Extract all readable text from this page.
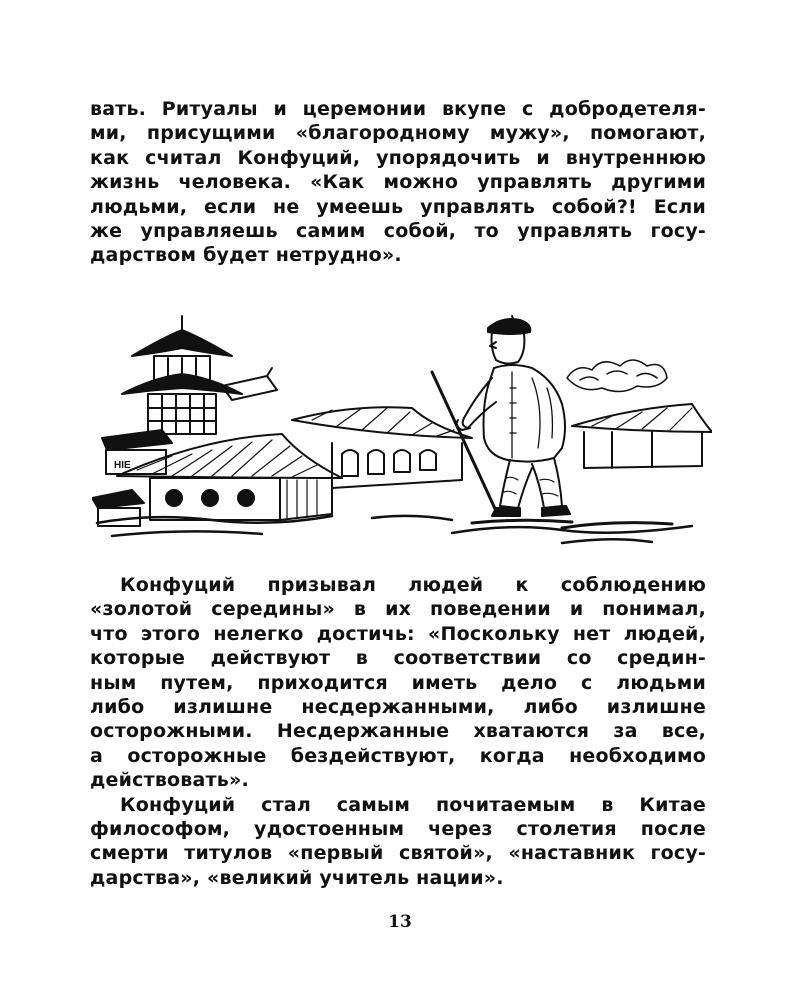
вать. Ритуалы и церемонии вкупе с добродетеля-
ми, присущими «благородному мужу», помогают,
как считал Конфуций, упорядочить и внутреннюю
жизнь человека. «Как можно управлять другими
людьми, если не умеешь управлять собой?! Если
же управляешь самим собой, то управлять госу-
дарством будет нетрудно».
НІЕ
Конфуций призывал людей к соблюдению
«золотой середины» в их поведении и понимал,
что этого нелегко достичь: «Поскольку нет людей,
которые действуют в соответствии со средин-
ным путем, приходится иметь дело с людьми
либо излишне несдержанными, либо излишне
осторожными. Несдержанные хватаются за все,
а осторожные бездействуют, когда необходимо
действовать».
Конфуций стал самым почитаемым в Китае
философом, удостоенным через столетия после
смерти титулов «первый святой», «наставник госу-
дарства», «великий учитель нации».
13
